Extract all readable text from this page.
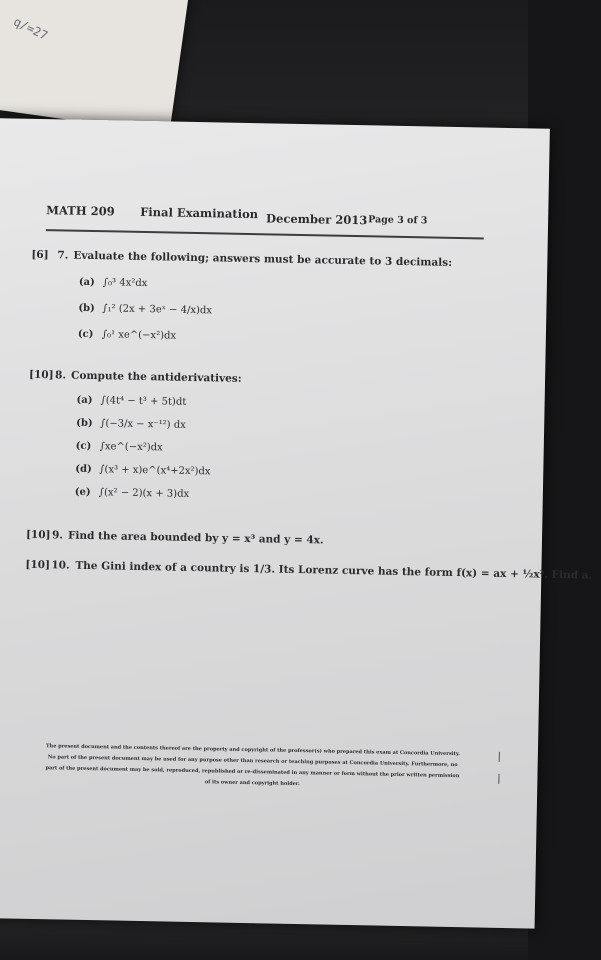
q/=27
MATH 209 Final Examination December 2013 Page 3 of 3
[6] 7. Evaluate the following; answers must be accurate to 3 decimals:
(a) ∫₀³ 4x²dx
(b) ∫₁² (2x + 3eˣ − 4/x)dx
(c) ∫₀¹ xe^(−x²)dx
[10] 8. Compute the antiderivatives:
(a) ∫(4t⁴ − t³ + 5t)dt
(b) ∫(−3/x − x⁻¹²) dx
(c) ∫xe^(−x²)dx
(d) ∫(x³ + x)e^(x⁴+2x²)dx
(e) ∫(x² − 2)(x + 3)dx
[10] 9. Find the area bounded by y = x³ and y = 4x.
[10] 10. The Gini index of a country is 1/3. Its Lorenz curve has the form f(x) = ax + ½x². Find a.
The present document and the contents thereof are the property and copyright of the professor(s) who prepared this exam at Concordia University.
No part of the present document may be used for any purpose other than research or teaching purposes at Concordia University. Furthermore, no
part of the present document may be sold, reproduced, republished or re-disseminated in any manner or form without the prior written permission
of its owner and copyright holder.
